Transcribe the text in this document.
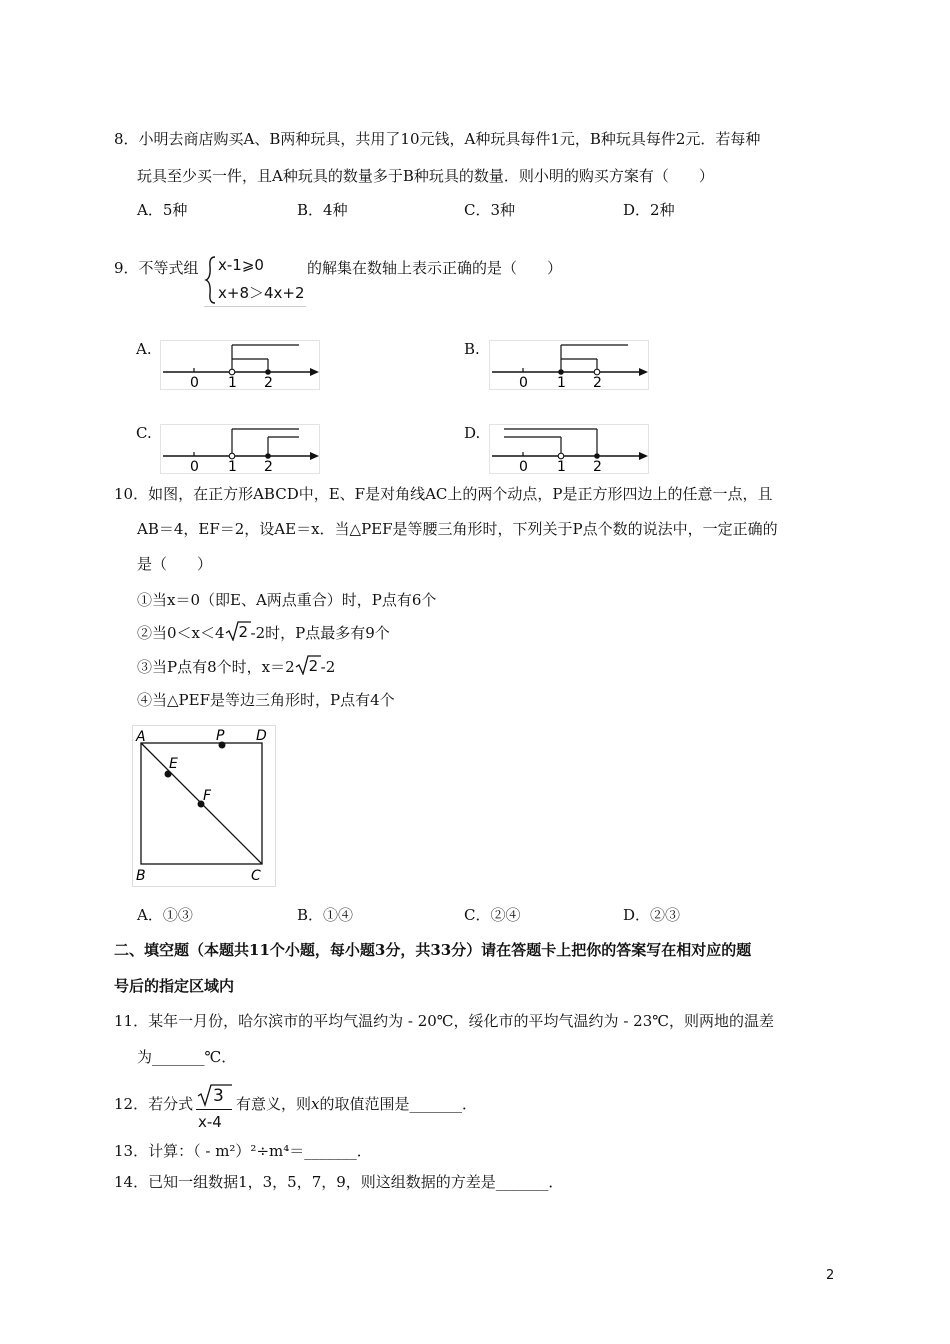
8．小明去商店购买A、B两种玩具，共用了10元钱，A种玩具每件1元，B种玩具每件2元．若每种
玩具至少买一件，且A种玩具的数量多于B种玩具的数量．则小明的购买方案有（　　）
A．5种	B．4种	C．3种	D．2种
9．不等式组 x-1⩾0
x+8＞4x+2
的解集在数轴上表示正确的是（　　）
A.
0 1 2
B.
0 1 2
C.
0 1 2
D.
0 1 2
10．如图，在正方形ABCD中，E、F是对角线AC上的两个动点，P是正方形四边上的任意一点，且
AB＝4，EF＝2，设AE＝x．当△PEF是等腰三角形时，下列关于P点个数的说法中，一定正确的
是（　　）
①当x＝0（即E、A两点重合）时，P点有6个
②当0＜x＜4 2 -2时，P点最多有9个
③当P点有8个时，x＝2 2 -2
④当△PEF是等边三角形时，P点有4个
A	P D
E
F
B	C
A．①③	B．①④	C．②④	D．②③
二、填空题（本题共11个小题，每小题3分，共33分）请在答题卡上把你的答案写在相对应的题
号后的指定区域内
11．某年一月份，哈尔滨市的平均气温约为 - 20℃，绥化市的平均气温约为 - 23℃，则两地的温差
为_______℃．
12．若分式 3
x-4
有意义，则x的取值范围是_______．
13．计算：（ - m²）²÷m⁴＝_______．
14．已知一组数据1，3，5，7，9，则这组数据的方差是_______．
2
